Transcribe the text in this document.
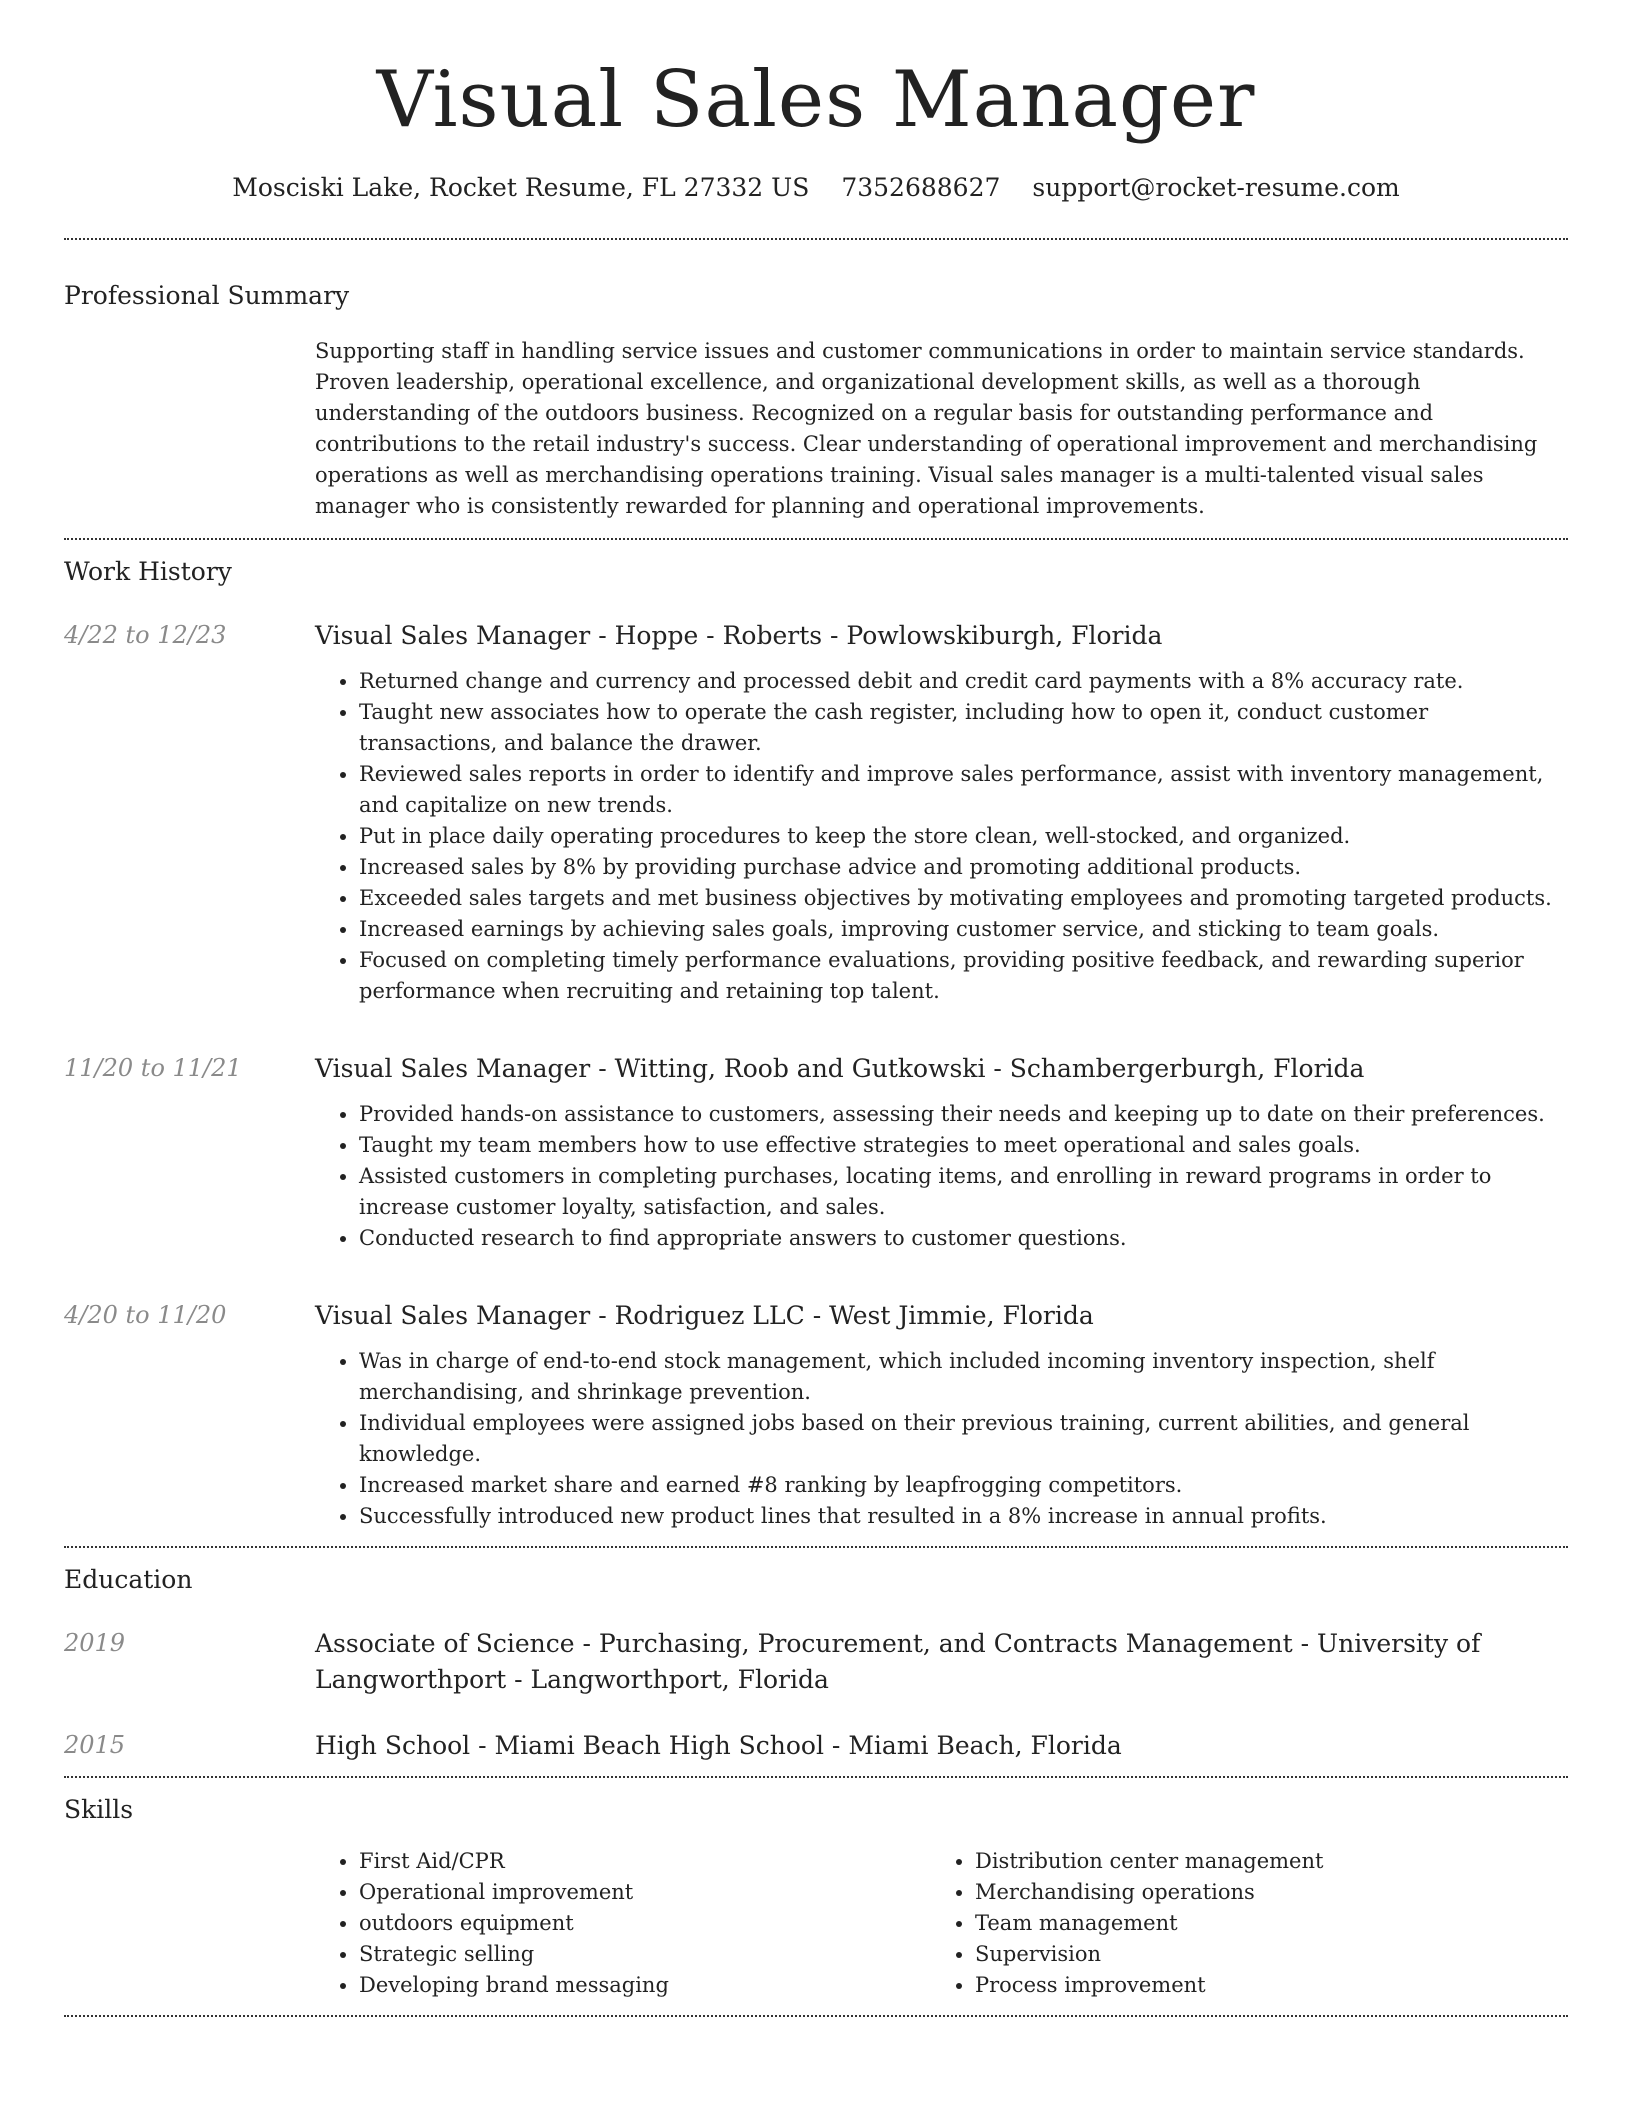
Visual Sales Manager
Mosciski Lake, Rocket Resume, FL 27332 US 7352688627 support@rocket-resume.com
Professional Summary
Supporting staff in handling service issues and customer communications in order to maintain service standards. Proven leadership, operational excellence, and organizational development skills, as well as a thorough understanding of the outdoors business. Recognized on a regular basis for outstanding performance and contributions to the retail industry's success. Clear understanding of operational improvement and merchandising operations as well as merchandising operations training. Visual sales manager is a multi-talented visual sales manager who is consistently rewarded for planning and operational improvements.
Work History
4/22 to 12/23	Visual Sales Manager - Hoppe - Roberts - Powlowskiburgh, Florida
• Returned change and currency and processed debit and credit card payments with a 8% accuracy rate.
• Taught new associates how to operate the cash register, including how to open it, conduct customer transactions, and balance the drawer.
• Reviewed sales reports in order to identify and improve sales performance, assist with inventory management, and capitalize on new trends.
• Put in place daily operating procedures to keep the store clean, well-stocked, and organized.
• Increased sales by 8% by providing purchase advice and promoting additional products.
• Exceeded sales targets and met business objectives by motivating employees and promoting targeted products.
• Increased earnings by achieving sales goals, improving customer service, and sticking to team goals.
• Focused on completing timely performance evaluations, providing positive feedback, and rewarding superior performance when recruiting and retaining top talent.
11/20 to 11/21	Visual Sales Manager - Witting, Roob and Gutkowski - Schambergerburgh, Florida
• Provided hands-on assistance to customers, assessing their needs and keeping up to date on their preferences.
• Taught my team members how to use effective strategies to meet operational and sales goals.
• Assisted customers in completing purchases, locating items, and enrolling in reward programs in order to increase customer loyalty, satisfaction, and sales.
• Conducted research to find appropriate answers to customer questions.
4/20 to 11/20	Visual Sales Manager - Rodriguez LLC - West Jimmie, Florida
• Was in charge of end-to-end stock management, which included incoming inventory inspection, shelf merchandising, and shrinkage prevention.
• Individual employees were assigned jobs based on their previous training, current abilities, and general knowledge.
• Increased market share and earned #8 ranking by leapfrogging competitors.
• Successfully introduced new product lines that resulted in a 8% increase in annual profits.
Education
2019	Associate of Science - Purchasing, Procurement, and Contracts Management - University of Langworthport - Langworthport, Florida
2015	High School - Miami Beach High School - Miami Beach, Florida
Skills
• First Aid/CPR
• Operational improvement
• outdoors equipment
• Strategic selling
• Developing brand messaging
• Distribution center management
• Merchandising operations
• Team management
• Supervision
• Process improvement
